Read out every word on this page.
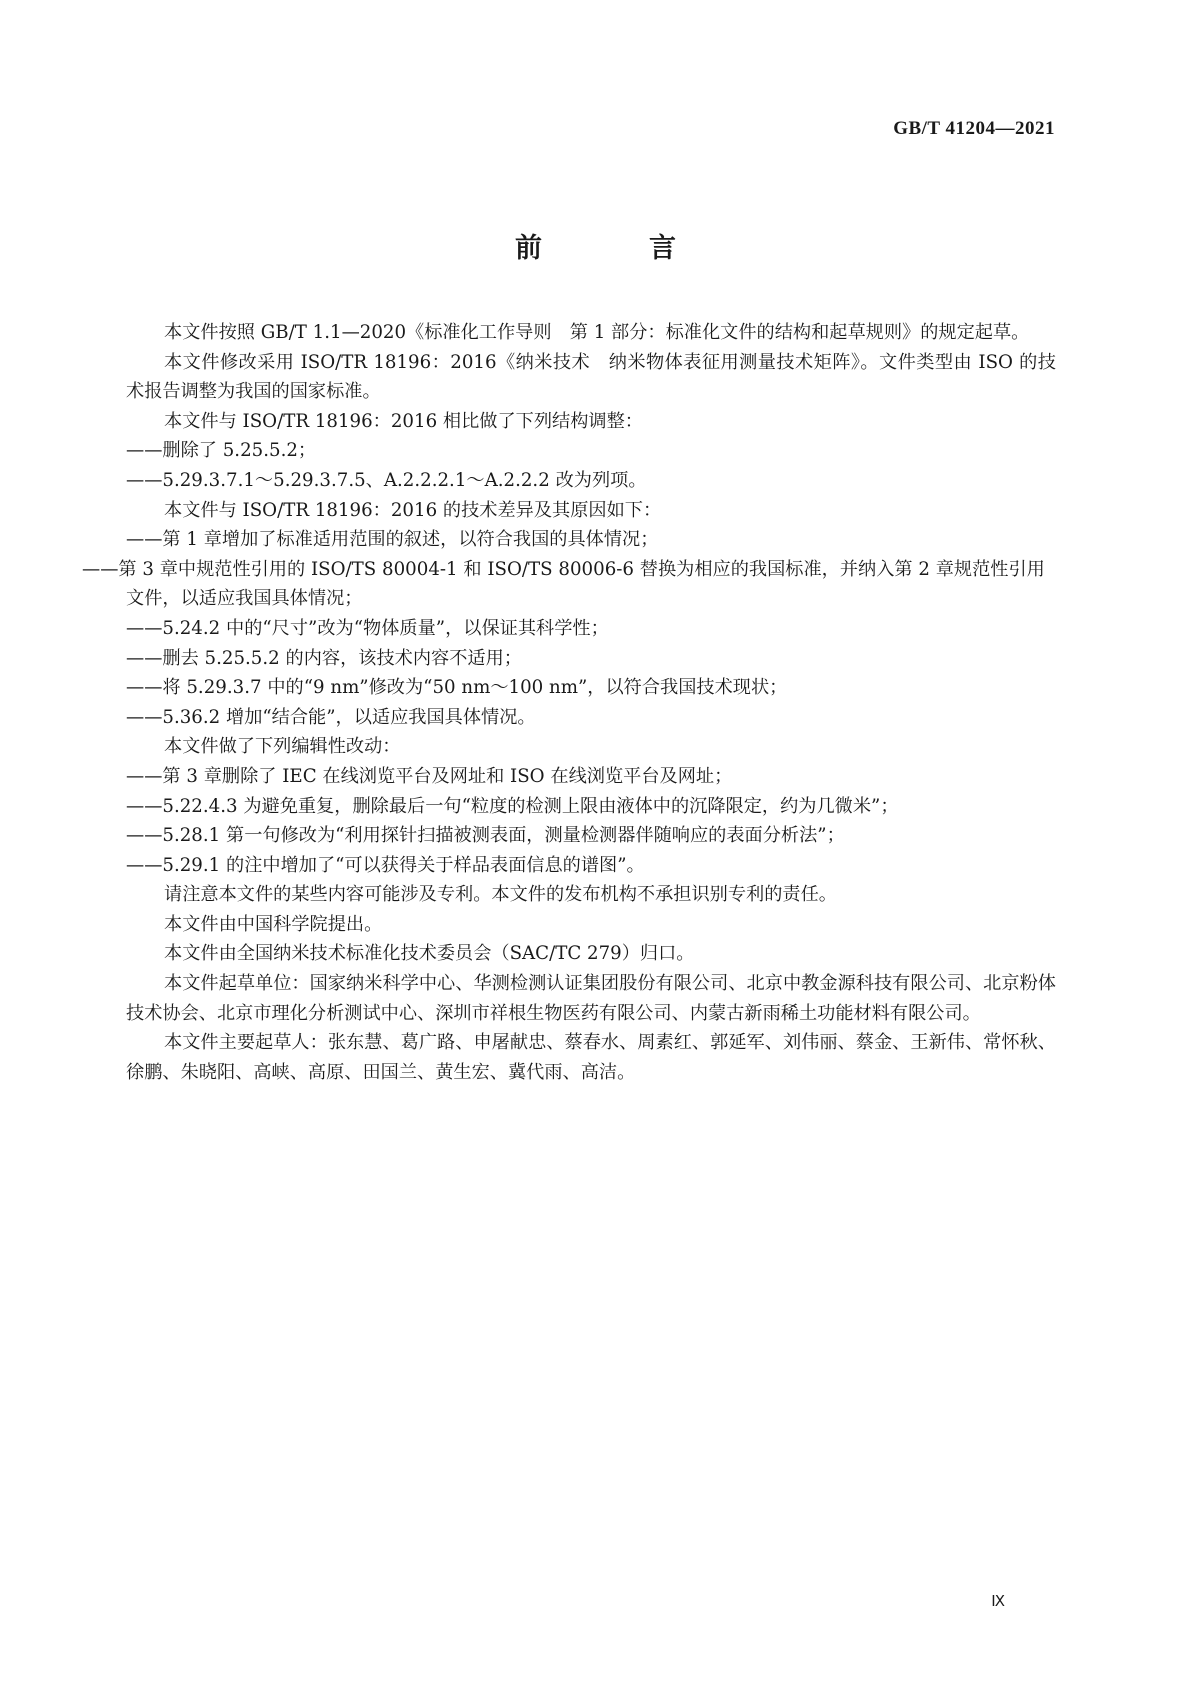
GB/T 41204—2021
前　言

本文件按照 GB/T 1.1—2020《标准化工作导则　第 1 部分：标准化文件的结构和起草规则》的规定起草。

本文件修改采用 ISO/TR 18196：2016《纳米技术　纳米物体表征用测量技术矩阵》。文件类型由 ISO 的技术报告调整为我国的国家标准。

本文件与 ISO/TR 18196：2016 相比做了下列结构调整：

——删除了 5.25.5.2；

——5.29.3.7.1～5.29.3.7.5、A.2.2.2.1～A.2.2.2 改为列项。

本文件与 ISO/TR 18196：2016 的技术差异及其原因如下：

——第 1 章增加了标准适用范围的叙述，以符合我国的具体情况；

——第 3 章中规范性引用的 ISO/TS 80004-1 和 ISO/TS 80006-6 替换为相应的我国标准，并纳入第 2 章规范性引用文件，以适应我国具体情况；

——5.24.2 中的“尺寸”改为“物体质量”，以保证其科学性；

——删去 5.25.5.2 的内容，该技术内容不适用；

——将 5.29.3.7 中的“9 nm”修改为“50 nm～100 nm”，以符合我国技术现状；

——5.36.2 增加“结合能”，以适应我国具体情况。

本文件做了下列编辑性改动：

——第 3 章删除了 IEC 在线浏览平台及网址和 ISO 在线浏览平台及网址；

——5.22.4.3 为避免重复，删除最后一句“粒度的检测上限由液体中的沉降限定，约为几微米”；

——5.28.1 第一句修改为“利用探针扫描被测表面，测量检测器伴随响应的表面分析法”；

——5.29.1 的注中增加了“可以获得关于样品表面信息的谱图”。

请注意本文件的某些内容可能涉及专利。本文件的发布机构不承担识别专利的责任。

本文件由中国科学院提出。

本文件由全国纳米技术标准化技术委员会（SAC/TC 279）归口。

本文件起草单位：国家纳米科学中心、华测检测认证集团股份有限公司、北京中教金源科技有限公司、北京粉体技术协会、北京市理化分析测试中心、深圳市祥根生物医药有限公司、内蒙古新雨稀土功能材料有限公司。

本文件主要起草人：张东慧、葛广路、申屠献忠、蔡春水、周素红、郭延军、刘伟丽、蔡金、王新伟、常怀秋、徐鹏、朱晓阳、高峡、高原、田国兰、黄生宏、冀代雨、高洁。

Ⅸ
